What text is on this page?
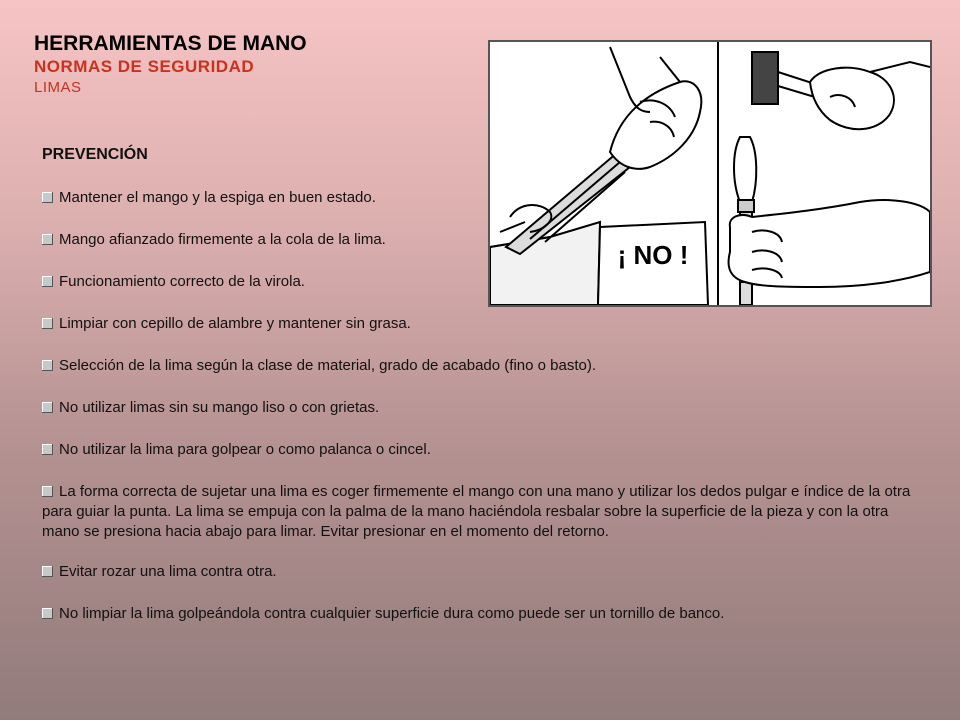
HERRAMIENTAS DE MANO
NORMAS DE SEGURIDAD
LIMAS
¡ NO !
PREVENCIÓN
Mantener el mango y la espiga en buen estado.
Mango afianzado firmemente a la cola de la lima.
Funcionamiento correcto de la virola.
Limpiar con cepillo de alambre y mantener sin grasa.
Selección de la lima según la clase de material, grado de acabado (fino o basto).
No utilizar limas sin su mango liso o con grietas.
No utilizar la lima para golpear o como palanca o cincel.
La forma correcta de sujetar una lima es coger firmemente el mango con una mano y utilizar los dedos pulgar e índice de la otra para guiar la punta. La lima se empuja con la palma de la mano haciéndola resbalar sobre la superficie de la pieza y con la otra mano se presiona hacia abajo para limar. Evitar presionar en el momento del retorno.
Evitar rozar una lima contra otra.
No limpiar la lima golpeándola contra cualquier superficie dura como puede ser un tornillo de banco.
